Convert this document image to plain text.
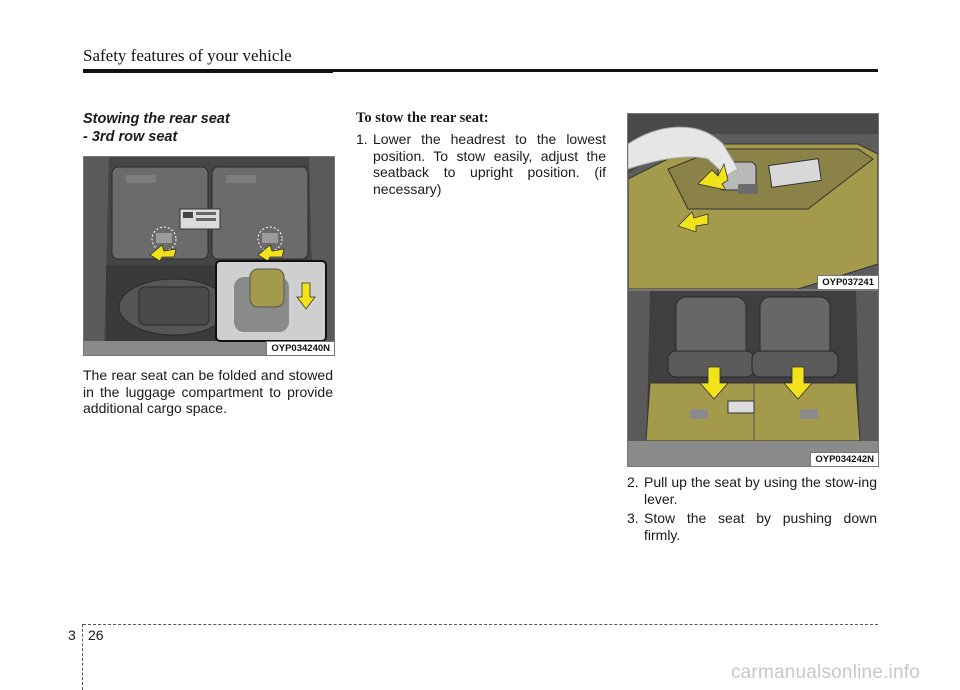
Safety features of your vehicle
Stowing the rear seat
- 3rd row seat
OYP034240N
The rear seat can be folded and stowed in the luggage compartment to provide additional cargo space.
To stow the rear seat:
1. Lower the headrest to the lowest position. To stow easily, adjust the seatback to upright position. (if necessary)
OYP037241
OYP034242N
2. Pull up the seat by using the stow-ing lever.
3. Stow the seat by pushing down firmly.
3 26
carmanualsonline.info
